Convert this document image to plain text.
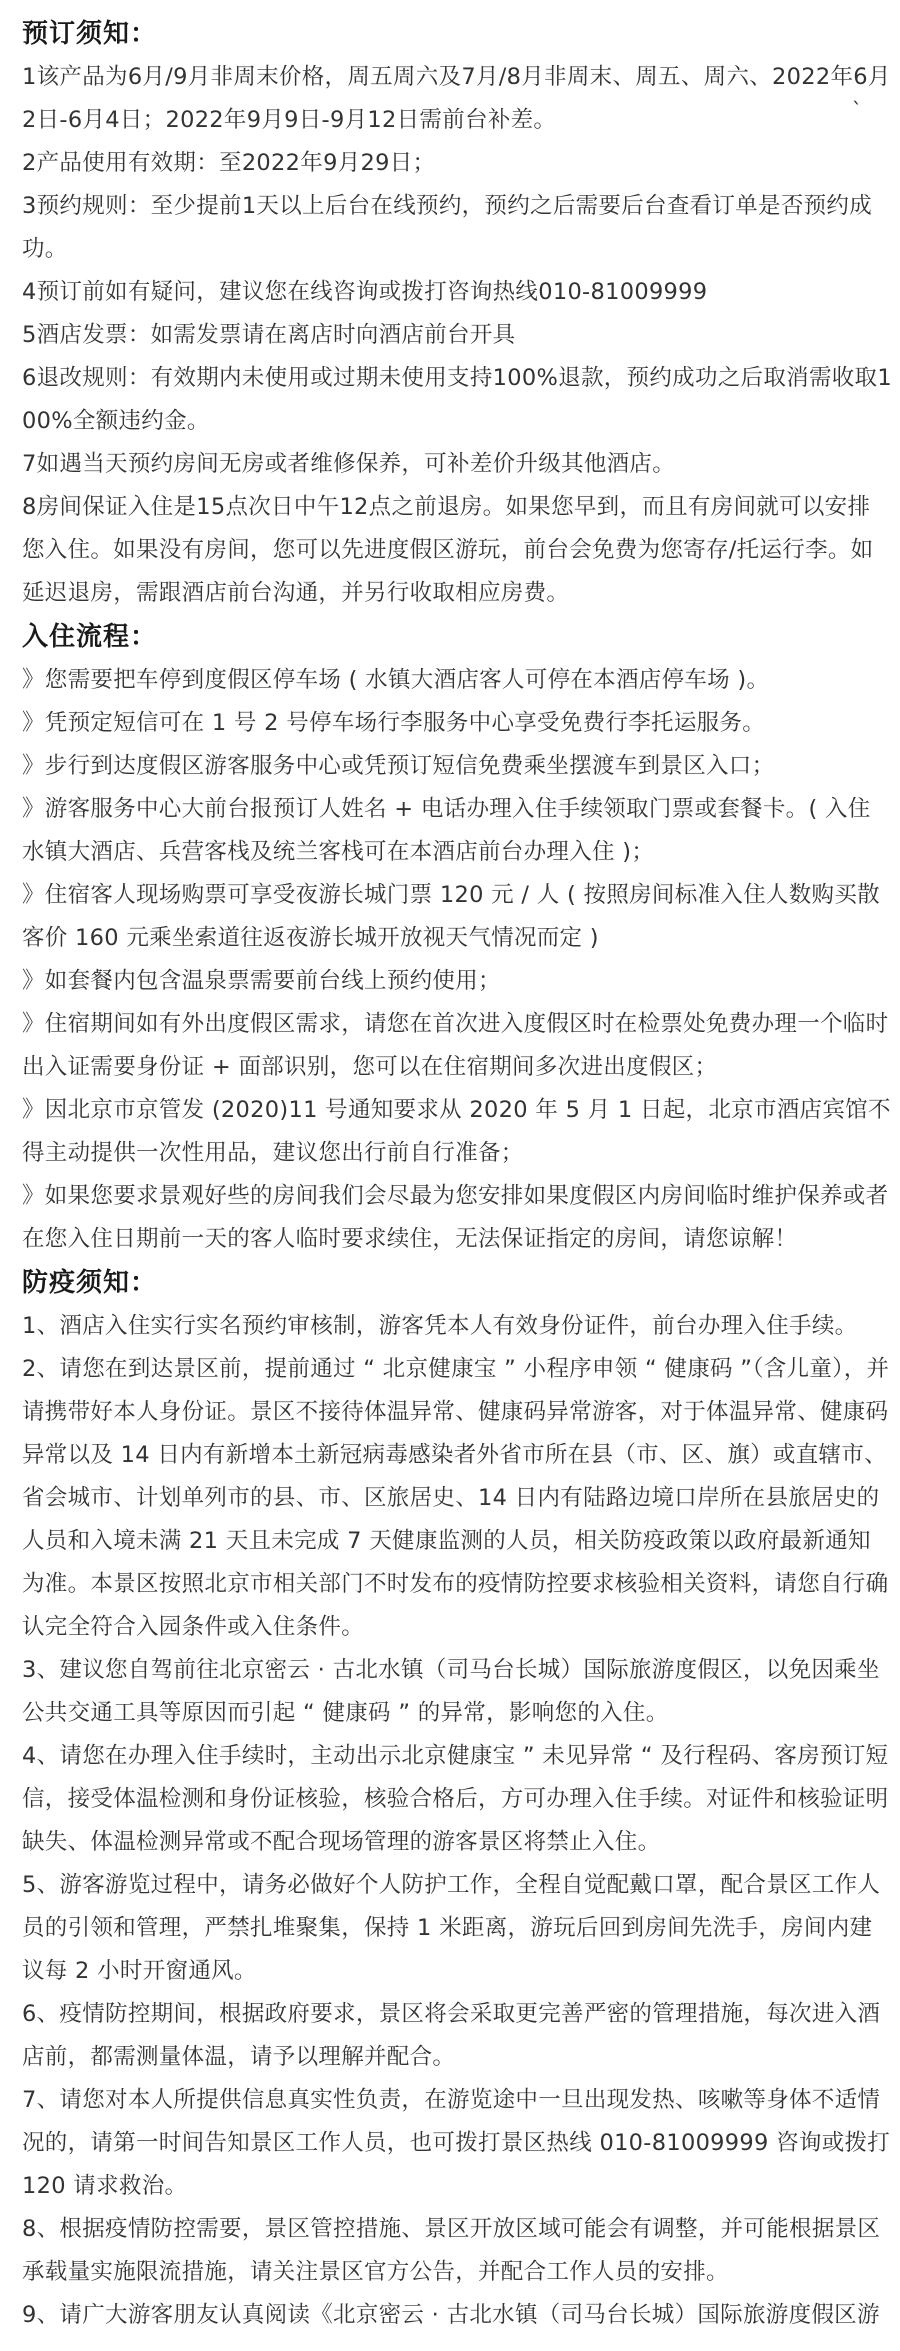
`
预订须知：

1该产品为6月/9月非周末价格，周五周六及7月/8月非周末、周五、周六、2022年6月2日-6月4日；2022年9月9日-9月12日需前台补差。

2产品使用有效期：至2022年9月29日；

3预约规则：至少提前1天以上后台在线预约，预约之后需要后台查看订单是否预约成功。

4预订前如有疑问，建议您在线咨询或拨打咨询热线010-81009999

5酒店发票：如需发票请在离店时向酒店前台开具

6退改规则：有效期内未使用或过期未使用支持100%退款，预约成功之后取消需收取100%全额违约金。

7如遇当天预约房间无房或者维修保养，可补差价升级其他酒店。

8房间保证入住是15点次日中午12点之前退房。如果您早到，而且有房间就可以安排您入住。如果没有房间，您可以先进度假区游玩，前台会免费为您寄存/托运行李。如延迟退房，需跟酒店前台沟通，并另行收取相应房费。

入住流程：

》您需要把车停到度假区停车场 ( 水镇大酒店客人可停在本酒店停车场 )。

》凭预定短信可在 1 号 2 号停车场行李服务中心享受免费行李托运服务。

》步行到达度假区游客服务中心或凭预订短信免费乘坐摆渡车到景区入口；

》游客服务中心大前台报预订人姓名 + 电话办理入住手续领取门票或套餐卡。( 入住水镇大酒店、兵营客栈及统兰客栈可在本酒店前台办理入住 )；

》住宿客人现场购票可享受夜游长城门票 120 元 / 人 ( 按照房间标准入住人数购买散客价 160 元乘坐索道往返夜游长城开放视天气情况而定 )

》如套餐内包含温泉票需要前台线上预约使用；

》住宿期间如有外出度假区需求，请您在首次进入度假区时在检票处免费办理一个临时出入证需要身份证 + 面部识别，您可以在住宿期间多次进出度假区；

》因北京市京管发 (2020)11 号通知要求从 2020 年 5 月 1 日起，北京市酒店宾馆不得主动提供一次性用品，建议您出行前自行准备；

》如果您要求景观好些的房间我们会尽最为您安排如果度假区内房间临时维护保养或者在您入住日期前一天的客人临时要求续住，无法保证指定的房间，请您谅解！

防疫须知：

1、酒店入住实行实名预约审核制，游客凭本人有效身份证件，前台办理入住手续。

2、请您在到达景区前，提前通过 “ 北京健康宝 ” 小程序申领 “ 健康码 ”（含儿童），并请携带好本人身份证。景区不接待体温异常、健康码异常游客，对于体温异常、健康码异常以及 14 日内有新增本土新冠病毒感染者外省市所在县（市、区、旗）或直辖市、省会城市、计划单列市的县、市、区旅居史、14 日内有陆路边境口岸所在县旅居史的人员和入境未满 21 天且未完成 7 天健康监测的人员，相关防疫政策以政府最新通知为准。本景区按照北京市相关部门不时发布的疫情防控要求核验相关资料，请您自行确认完全符合入园条件或入住条件。

3、建议您自驾前往北京密云 · 古北水镇（司马台长城）国际旅游度假区，以免因乘坐公共交通工具等原因而引起 “ 健康码 ” 的异常，影响您的入住。

4、请您在办理入住手续时，主动出示北京健康宝 ” 未见异常 “ 及行程码、客房预订短信，接受体温检测和身份证核验，核验合格后，方可办理入住手续。对证件和核验证明缺失、体温检测异常或不配合现场管理的游客景区将禁止入住。

5、游客游览过程中，请务必做好个人防护工作，全程自觉配戴口罩，配合景区工作人员的引领和管理，严禁扎堆聚集，保持 1 米距离，游玩后回到房间先洗手，房间内建议每 2 小时开窗通风。

6、疫情防控期间，根据政府要求，景区将会采取更完善严密的管理措施，每次进入酒店前，都需测量体温，请予以理解并配合。

7、请您对本人所提供信息真实性负责，在游览途中一旦出现发热、咳嗽等身体不适情况的，请第一时间告知景区工作人员，也可拨打景区热线 010-81009999 咨询或拨打 120 请求救治。

8、根据疫情防控需要，景区管控措施、景区开放区域可能会有调整，并可能根据景区承载量实施限流措施，请关注景区官方公告，并配合工作人员的安排。

9、请广大游客朋友认真阅读《北京密云 · 古北水镇（司马台长城）国际旅游度假区游
